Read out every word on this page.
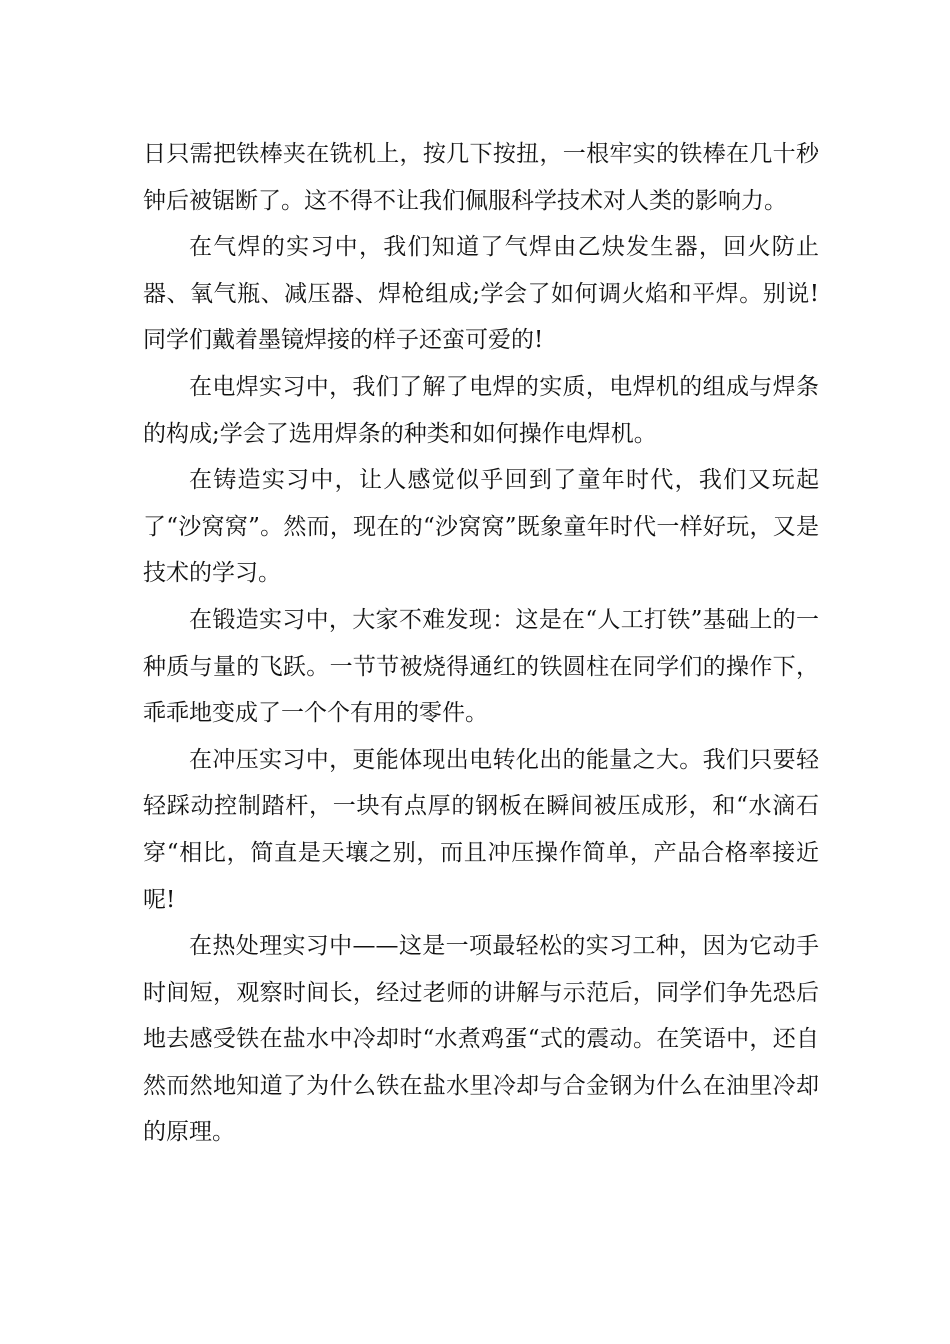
日只需把铁棒夹在铣机上，按几下按扭，一根牢实的铁棒在几十秒钟后被锯断了。这不得不让我们佩服科学技术对人类的影响力。

在气焊的实习中，我们知道了气焊由乙炔发生器，回火防止器、氧气瓶、减压器、焊枪组成;学会了如何调火焰和平焊。别说!同学们戴着墨镜焊接的样子还蛮可爱的!

在电焊实习中，我们了解了电焊的实质，电焊机的组成与焊条的构成;学会了选用焊条的种类和如何操作电焊机。

在铸造实习中，让人感觉似乎回到了童年时代，我们又玩起了“沙窝窝”。然而，现在的“沙窝窝”既象童年时代一样好玩，又是技术的学习。

在锻造实习中，大家不难发现：这是在“人工打铁”基础上的一种质与量的飞跃。一节节被烧得通红的铁圆柱在同学们的操作下，乖乖地变成了一个个有用的零件。

在冲压实习中，更能体现出电转化出的能量之大。我们只要轻轻踩动控制踏杆，一块有点厚的钢板在瞬间被压成形，和“水滴石穿“相比，简直是天壤之别，而且冲压操作简单，产品合格率接近呢!

在热处理实习中——这是一项最轻松的实习工种，因为它动手时间短，观察时间长，经过老师的讲解与示范后，同学们争先恐后地去感受铁在盐水中冷却时“水煮鸡蛋“式的震动。在笑语中，还自然而然地知道了为什么铁在盐水里冷却与合金钢为什么在油里冷却的原理。
